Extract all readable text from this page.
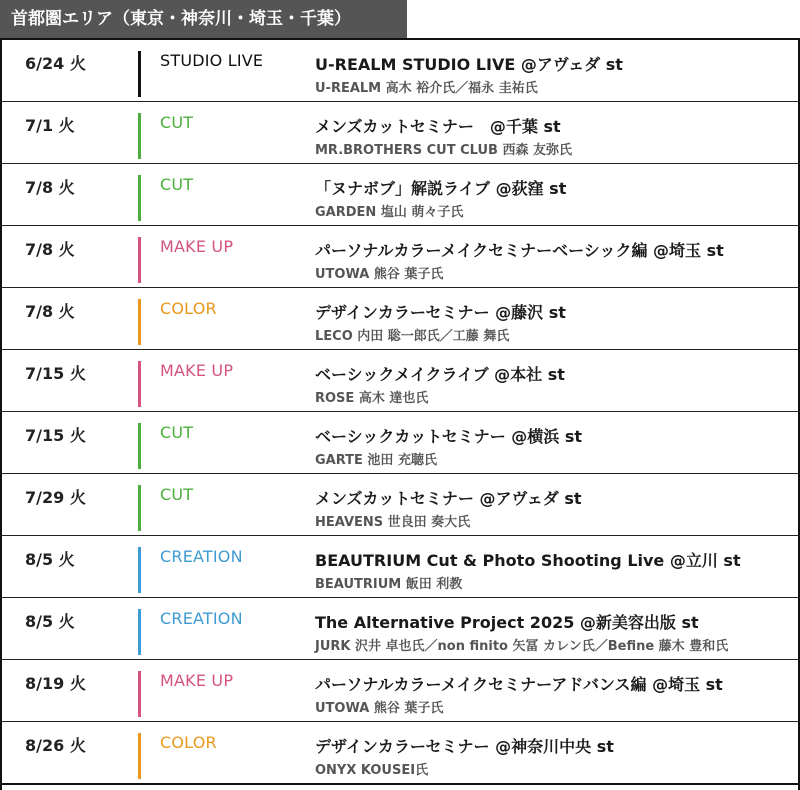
首都圏エリア（東京・神奈川・埼玉・千葉）
6/24 火	STUDIO LIVE	U-REALM STUDIO LIVE @アヴェダ st
U-REALM 高木 裕介氏／福永 圭祐氏
7/1 火	CUT	メンズカットセミナー　@千葉 st
MR.BROTHERS CUT CLUB 西森 友弥氏
7/8 火	CUT	「ヌナボブ」解説ライブ @荻窪 st
GARDEN 塩山 萌々子氏
7/8 火	MAKE UP	パーソナルカラーメイクセミナーベーシック編 @埼玉 st
UTOWA 熊谷 葉子氏
7/8 火	COLOR	デザインカラーセミナー @藤沢 st
LECO 内田 聡一郎氏／工藤 舞氏
7/15 火	MAKE UP	ベーシックメイクライブ @本社 st
ROSE 高木 達也氏
7/15 火	CUT	ベーシックカットセミナー @横浜 st
GARTE 池田 充聴氏
7/29 火	CUT	メンズカットセミナー @アヴェダ st
HEAVENS 世良田 奏大氏
8/5 火	CREATION	BEAUTRIUM Cut & Photo Shooting Live @立川 st
BEAUTRIUM 飯田 利教
8/5 火	CREATION	The Alternative Project 2025 @新美容出版 st
JURK 沢井 卓也氏／non finito 矢冨 カレン氏／Befine 藤木 豊和氏
8/19 火	MAKE UP	パーソナルカラーメイクセミナーアドバンス編 @埼玉 st
UTOWA 熊谷 葉子氏
8/26 火	COLOR	デザインカラーセミナー @神奈川中央 st
ONYX KOUSEI氏
